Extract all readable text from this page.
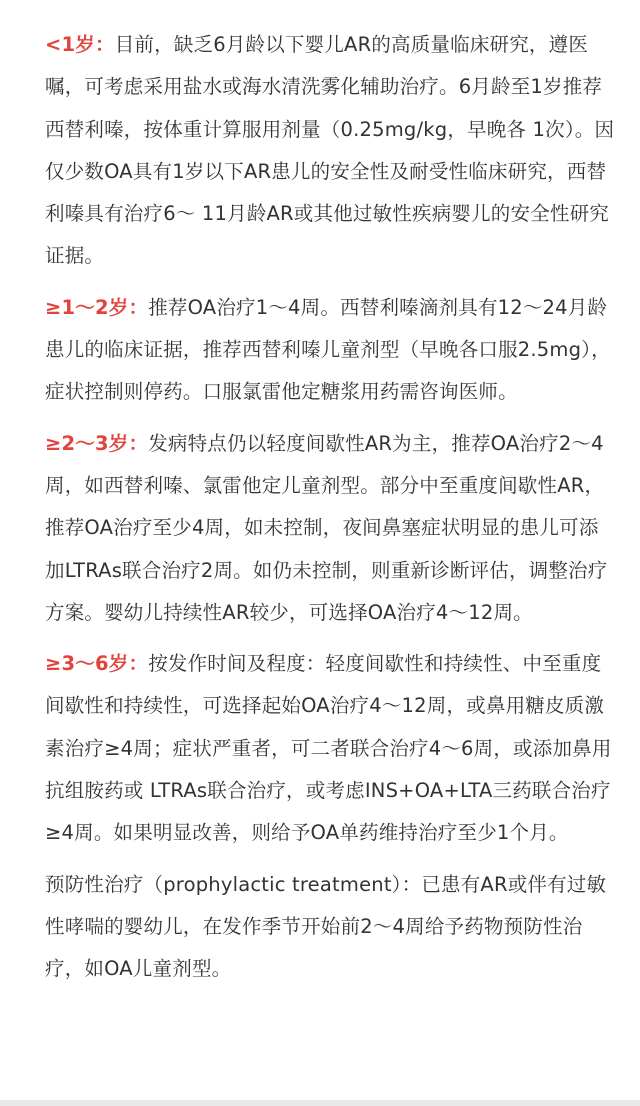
<1岁：目前，缺乏6月龄以下婴儿AR的高质量临床研究，遵医嘱，可考虑采用盐水或海水清洗雾化辅助治疗。6月龄至1岁推荐西替利嗪，按体重计算服用剂量（0.25mg/kg，早晚各 1次）。因仅少数OA具有1岁以下AR患儿的安全性及耐受性临床研究，西替利嗪具有治疗6～ 11月龄AR或其他过敏性疾病婴儿的安全性研究证据。

≥1～2岁：推荐OA治疗1～4周。西替利嗪滴剂具有12～24月龄患儿的临床证据，推荐西替利嗪儿童剂型（早晚各口服2.5mg），症状控制则停药。口服氯雷他定糖浆用药需咨询医师。

≥2～3岁：发病特点仍以轻度间歇性AR为主，推荐OA治疗2～4周，如西替利嗪、氯雷他定儿童剂型。部分中至重度间歇性AR，推荐OA治疗至少4周，如未控制，夜间鼻塞症状明显的患儿可添加LTRAs联合治疗2周。如仍未控制，则重新诊断评估，调整治疗方案。婴幼儿持续性AR较少，可选择OA治疗4～12周。

≥3～6岁：按发作时间及程度：轻度间歇性和持续性、中至重度间歇性和持续性，可选择起始OA治疗4～12周，或鼻用糖皮质激素治疗≥4周；症状严重者，可二者联合治疗4～6周，或添加鼻用抗组胺药或 LTRAs联合治疗，或考虑INS+OA+LTA三药联合治疗≥4周。如果明显改善，则给予OA单药维持治疗至少1个月。

预防性治疗（prophylactic treatment）：已患有AR或伴有过敏性哮喘的婴幼儿，在发作季节开始前2～4周给予药物预防性治疗，如OA儿童剂型。
